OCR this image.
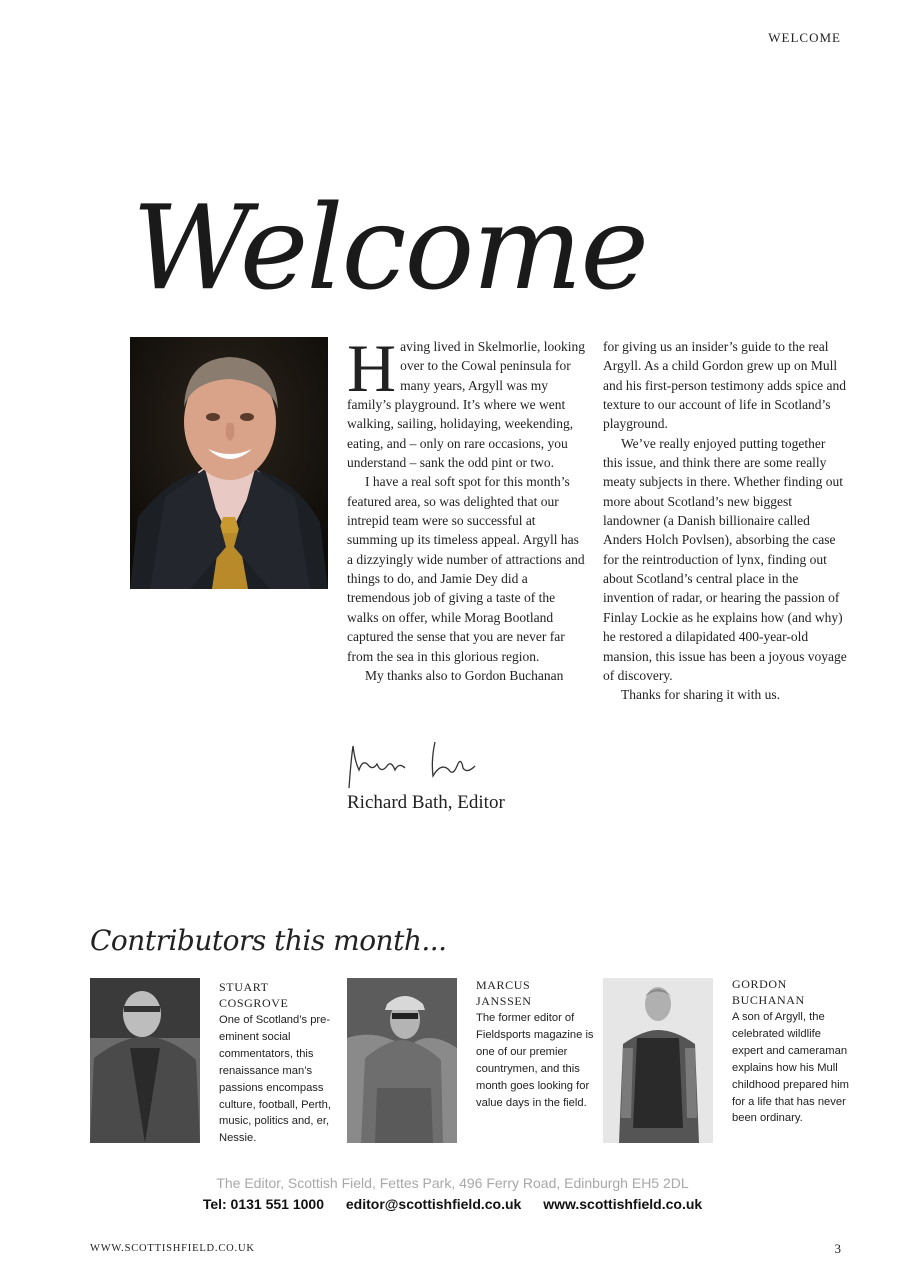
WELCOME
Welcome
H aving lived in Skelmorlie, looking over to the Cowal peninsula for many years, Argyll was my family’s playground. It’s where we went walking, sailing, holidaying, weekending, eating, and – only on rare occasions, you understand – sank the odd pint or two.

I have a real soft spot for this month’s featured area, so was delighted that our intrepid team were so successful at summing up its timeless appeal. Argyll has a dizzyingly wide number of attractions and things to do, and Jamie Dey did a tremendous job of giving a taste of the walks on offer, while Morag Bootland captured the sense that you are never far from the sea in this glorious region.

My thanks also to Gordon Buchanan

for giving us an insider’s guide to the real Argyll. As a child Gordon grew up on Mull and his first-person testimony adds spice and texture to our account of life in Scotland’s playground.

We’ve really enjoyed putting together this issue, and think there are some really meaty subjects in there. Whether finding out more about Scotland’s new biggest landowner (a Danish billionaire called Anders Holch Povlsen), absorbing the case for the reintroduction of lynx, finding out about Scotland’s central place in the invention of radar, or hearing the passion of Finlay Lockie as he explains how (and why) he restored a dilapidated 400-year-old mansion, this issue has been a joyous voyage of discovery.

Thanks for sharing it with us.

Richard Bath, Editor
Contributors this month...
STUART
COSGROVE
One of Scotland’s pre-eminent social commentators, this renaissance man’s passions encompass culture, football, Perth, music, politics and, er, Nessie.
MARCUS
JANSSEN
The former editor of Fieldsports magazine is one of our premier countrymen, and this month goes looking for value days in the field.
GORDON
BUCHANAN
A son of Argyll, the celebrated wildlife expert and cameraman explains how his Mull childhood prepared him for a life that has never been ordinary.
The Editor, Scottish Field, Fettes Park, 496 Ferry Road, Edinburgh EH5 2DL
Tel: 0131 551 1000 editor@scottishfield.co.uk www.scottishfield.co.uk
WWW.SCOTTISHFIELD.CO.UK	3
